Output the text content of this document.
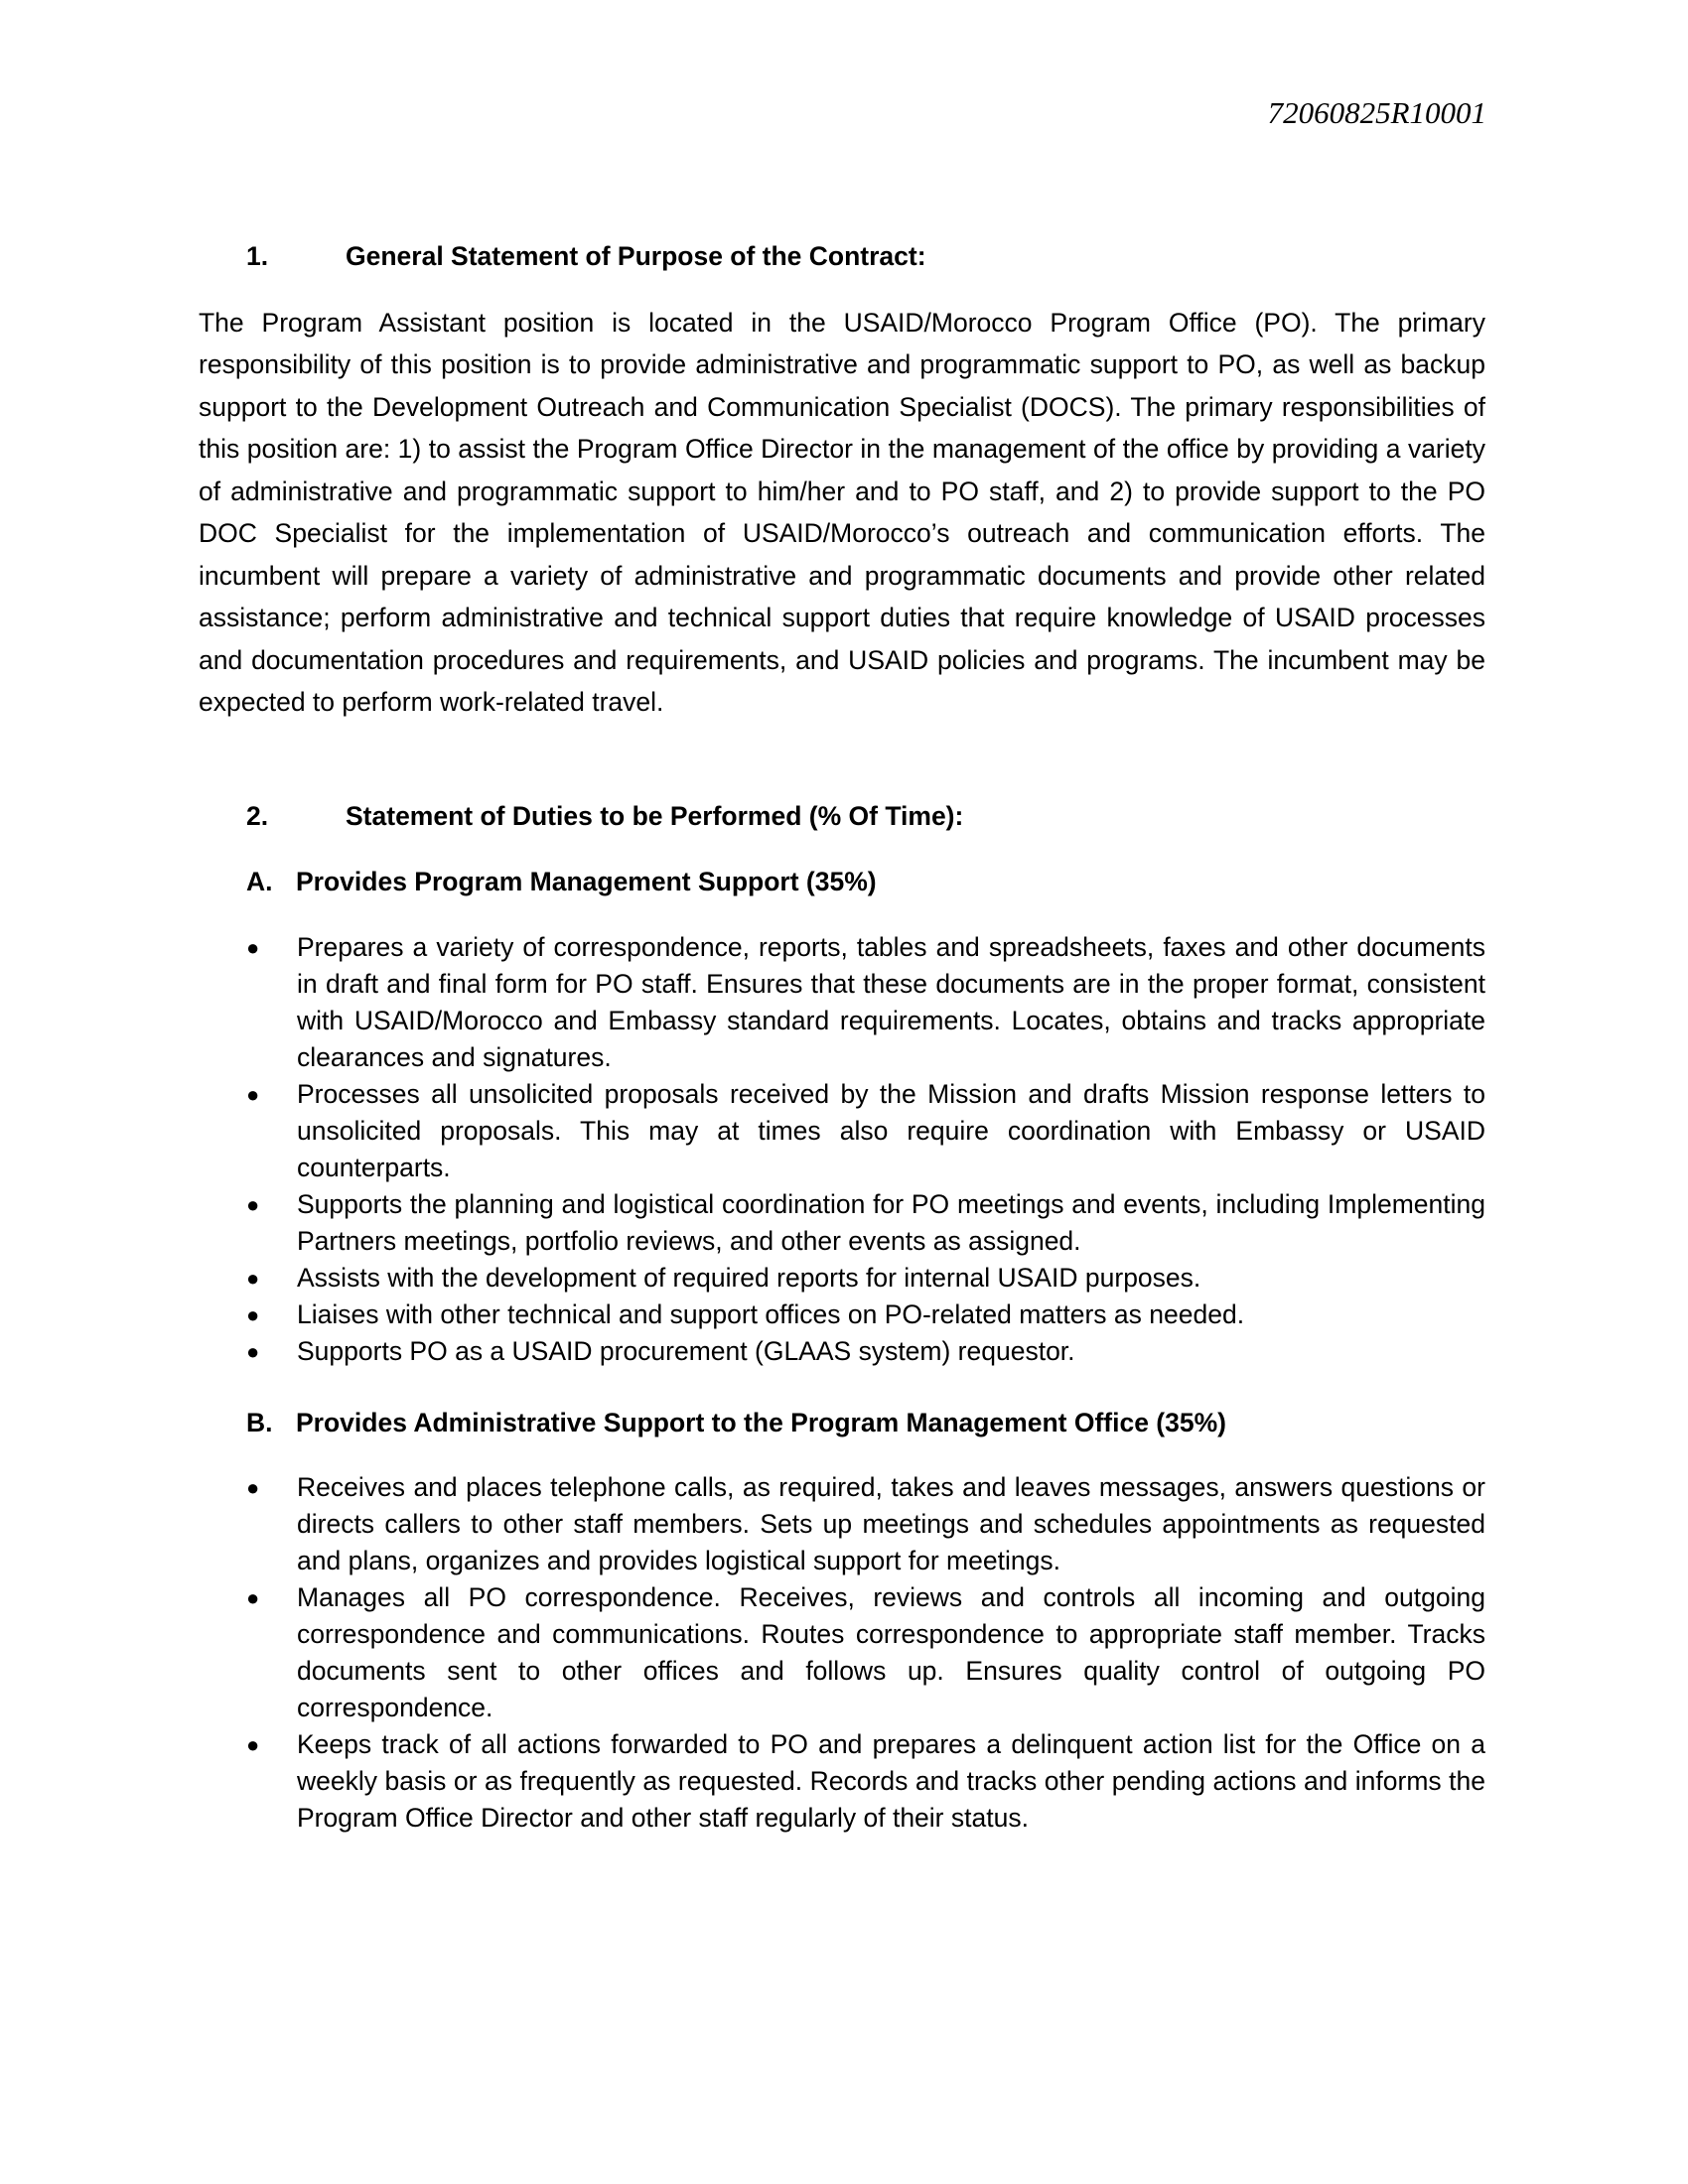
72060825R10001
1.	General Statement of Purpose of the Contract:

The Program Assistant position is located in the USAID/Morocco Program Office (PO). The primary responsibility of this position is to provide administrative and programmatic support to PO, as well as backup support to the Development Outreach and Communication Specialist (DOCS). The primary responsibilities of this position are: 1) to assist the Program Office Director in the management of the office by providing a variety of administrative and programmatic support to him/her and to PO staff, and 2) to provide support to the PO DOC Specialist for the implementation of USAID/Morocco’s outreach and communication efforts. The incumbent will prepare a variety of administrative and programmatic documents and provide other related assistance; perform administrative and technical support duties that require knowledge of USAID processes and documentation procedures and requirements, and USAID policies and programs. The incumbent may be expected to perform work-related travel.

2.	Statement of Duties to be Performed (% Of Time):
A. Provides Program Management Support (35%)
● Prepares a variety of correspondence, reports, tables and spreadsheets, faxes and other documents in draft and final form for PO staff. Ensures that these documents are in the proper format, consistent with USAID/Morocco and Embassy standard requirements. Locates, obtains and tracks appropriate clearances and signatures.
● Processes all unsolicited proposals received by the Mission and drafts Mission response letters to unsolicited proposals. This may at times also require coordination with Embassy or USAID counterparts.
● Supports the planning and logistical coordination for PO meetings and events, including Implementing Partners meetings, portfolio reviews, and other events as assigned.
● Assists with the development of required reports for internal USAID purposes.
● Liaises with other technical and support offices on PO-related matters as needed.
● Supports PO as a USAID procurement (GLAAS system) requestor.
B. Provides Administrative Support to the Program Management Office (35%)
● Receives and places telephone calls, as required, takes and leaves messages, answers questions or directs callers to other staff members. Sets up meetings and schedules appointments as requested and plans, organizes and provides logistical support for meetings.
● Manages all PO correspondence. Receives, reviews and controls all incoming and outgoing correspondence and communications. Routes correspondence to appropriate staff member. Tracks documents sent to other offices and follows up. Ensures quality control of outgoing PO correspondence.
● Keeps track of all actions forwarded to PO and prepares a delinquent action list for the Office on a weekly basis or as frequently as requested. Records and tracks other pending actions and informs the Program Office Director and other staff regularly of their status.
